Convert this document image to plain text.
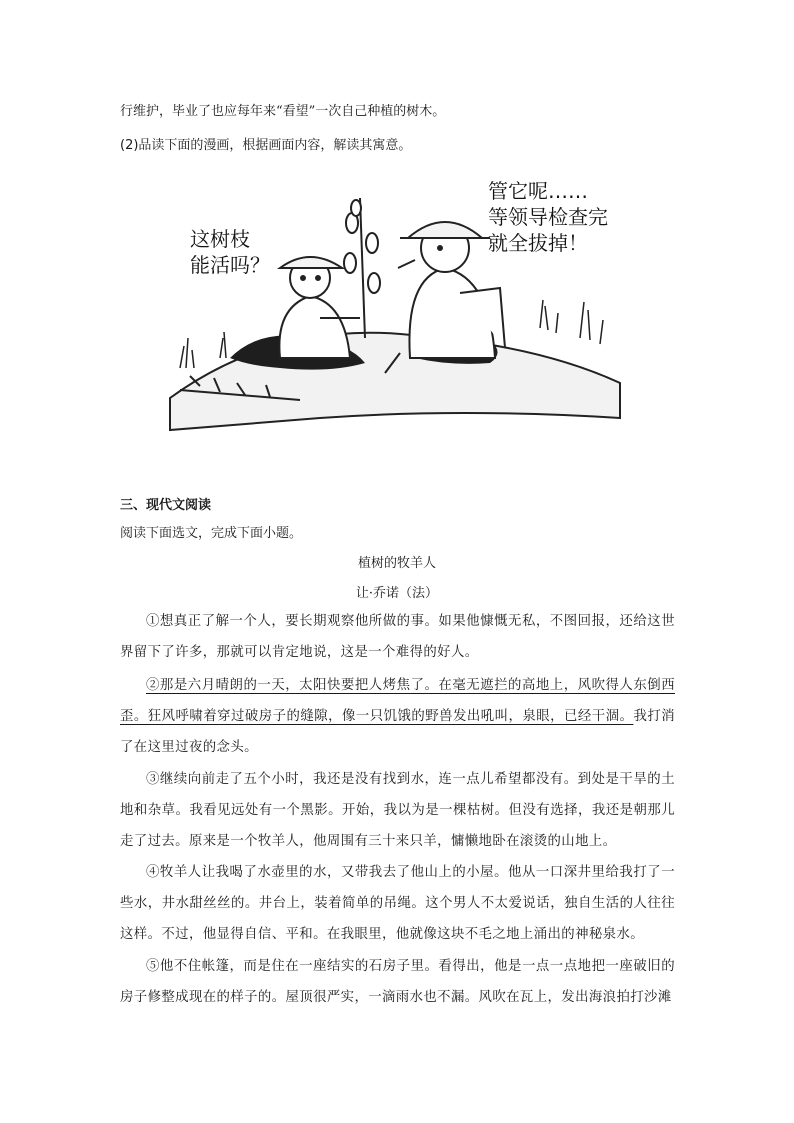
行维护，毕业了也应每年来“看望”一次自己种植的树木。
(2)品读下面的漫画，根据画面内容，解读其寓意。
这树枝
能活吗？
管它呢……
等领导检查完
就全拔掉！
三、现代文阅读
阅读下面选文，完成下面小题。
植树的牧羊人
让·乔诺（法）
①想真正了解一个人，要长期观察他所做的事。如果他慷慨无私，不图回报，还给这世界留下了许多，那就可以肯定地说，这是一个难得的好人。
②那是六月晴朗的一天，太阳快要把人烤焦了。在毫无遮拦的高地上，风吹得人东倒西歪。狂风呼啸着穿过破房子的缝隙，像一只饥饿的野兽发出吼叫，泉眼，已经干涸。我打消了在这里过夜的念头。
③继续向前走了五个小时，我还是没有找到水，连一点儿希望都没有。到处是干旱的土地和杂草。我看见远处有一个黑影。开始，我以为是一棵枯树。但没有选择，我还是朝那儿走了过去。原来是一个牧羊人，他周围有三十来只羊，慵懒地卧在滚烫的山地上。
④牧羊人让我喝了水壶里的水，又带我去了他山上的小屋。他从一口深井里给我打了一些水，井水甜丝丝的。井台上，装着简单的吊绳。这个男人不太爱说话，独自生活的人往往这样。不过，他显得自信、平和。在我眼里，他就像这块不毛之地上涌出的神秘泉水。
⑤他不住帐篷，而是住在一座结实的石房子里。看得出，他是一点一点地把一座破旧的房子修整成现在的样子的。屋顶很严实，一滴雨水也不漏。风吹在瓦上，发出海浪拍打沙滩
